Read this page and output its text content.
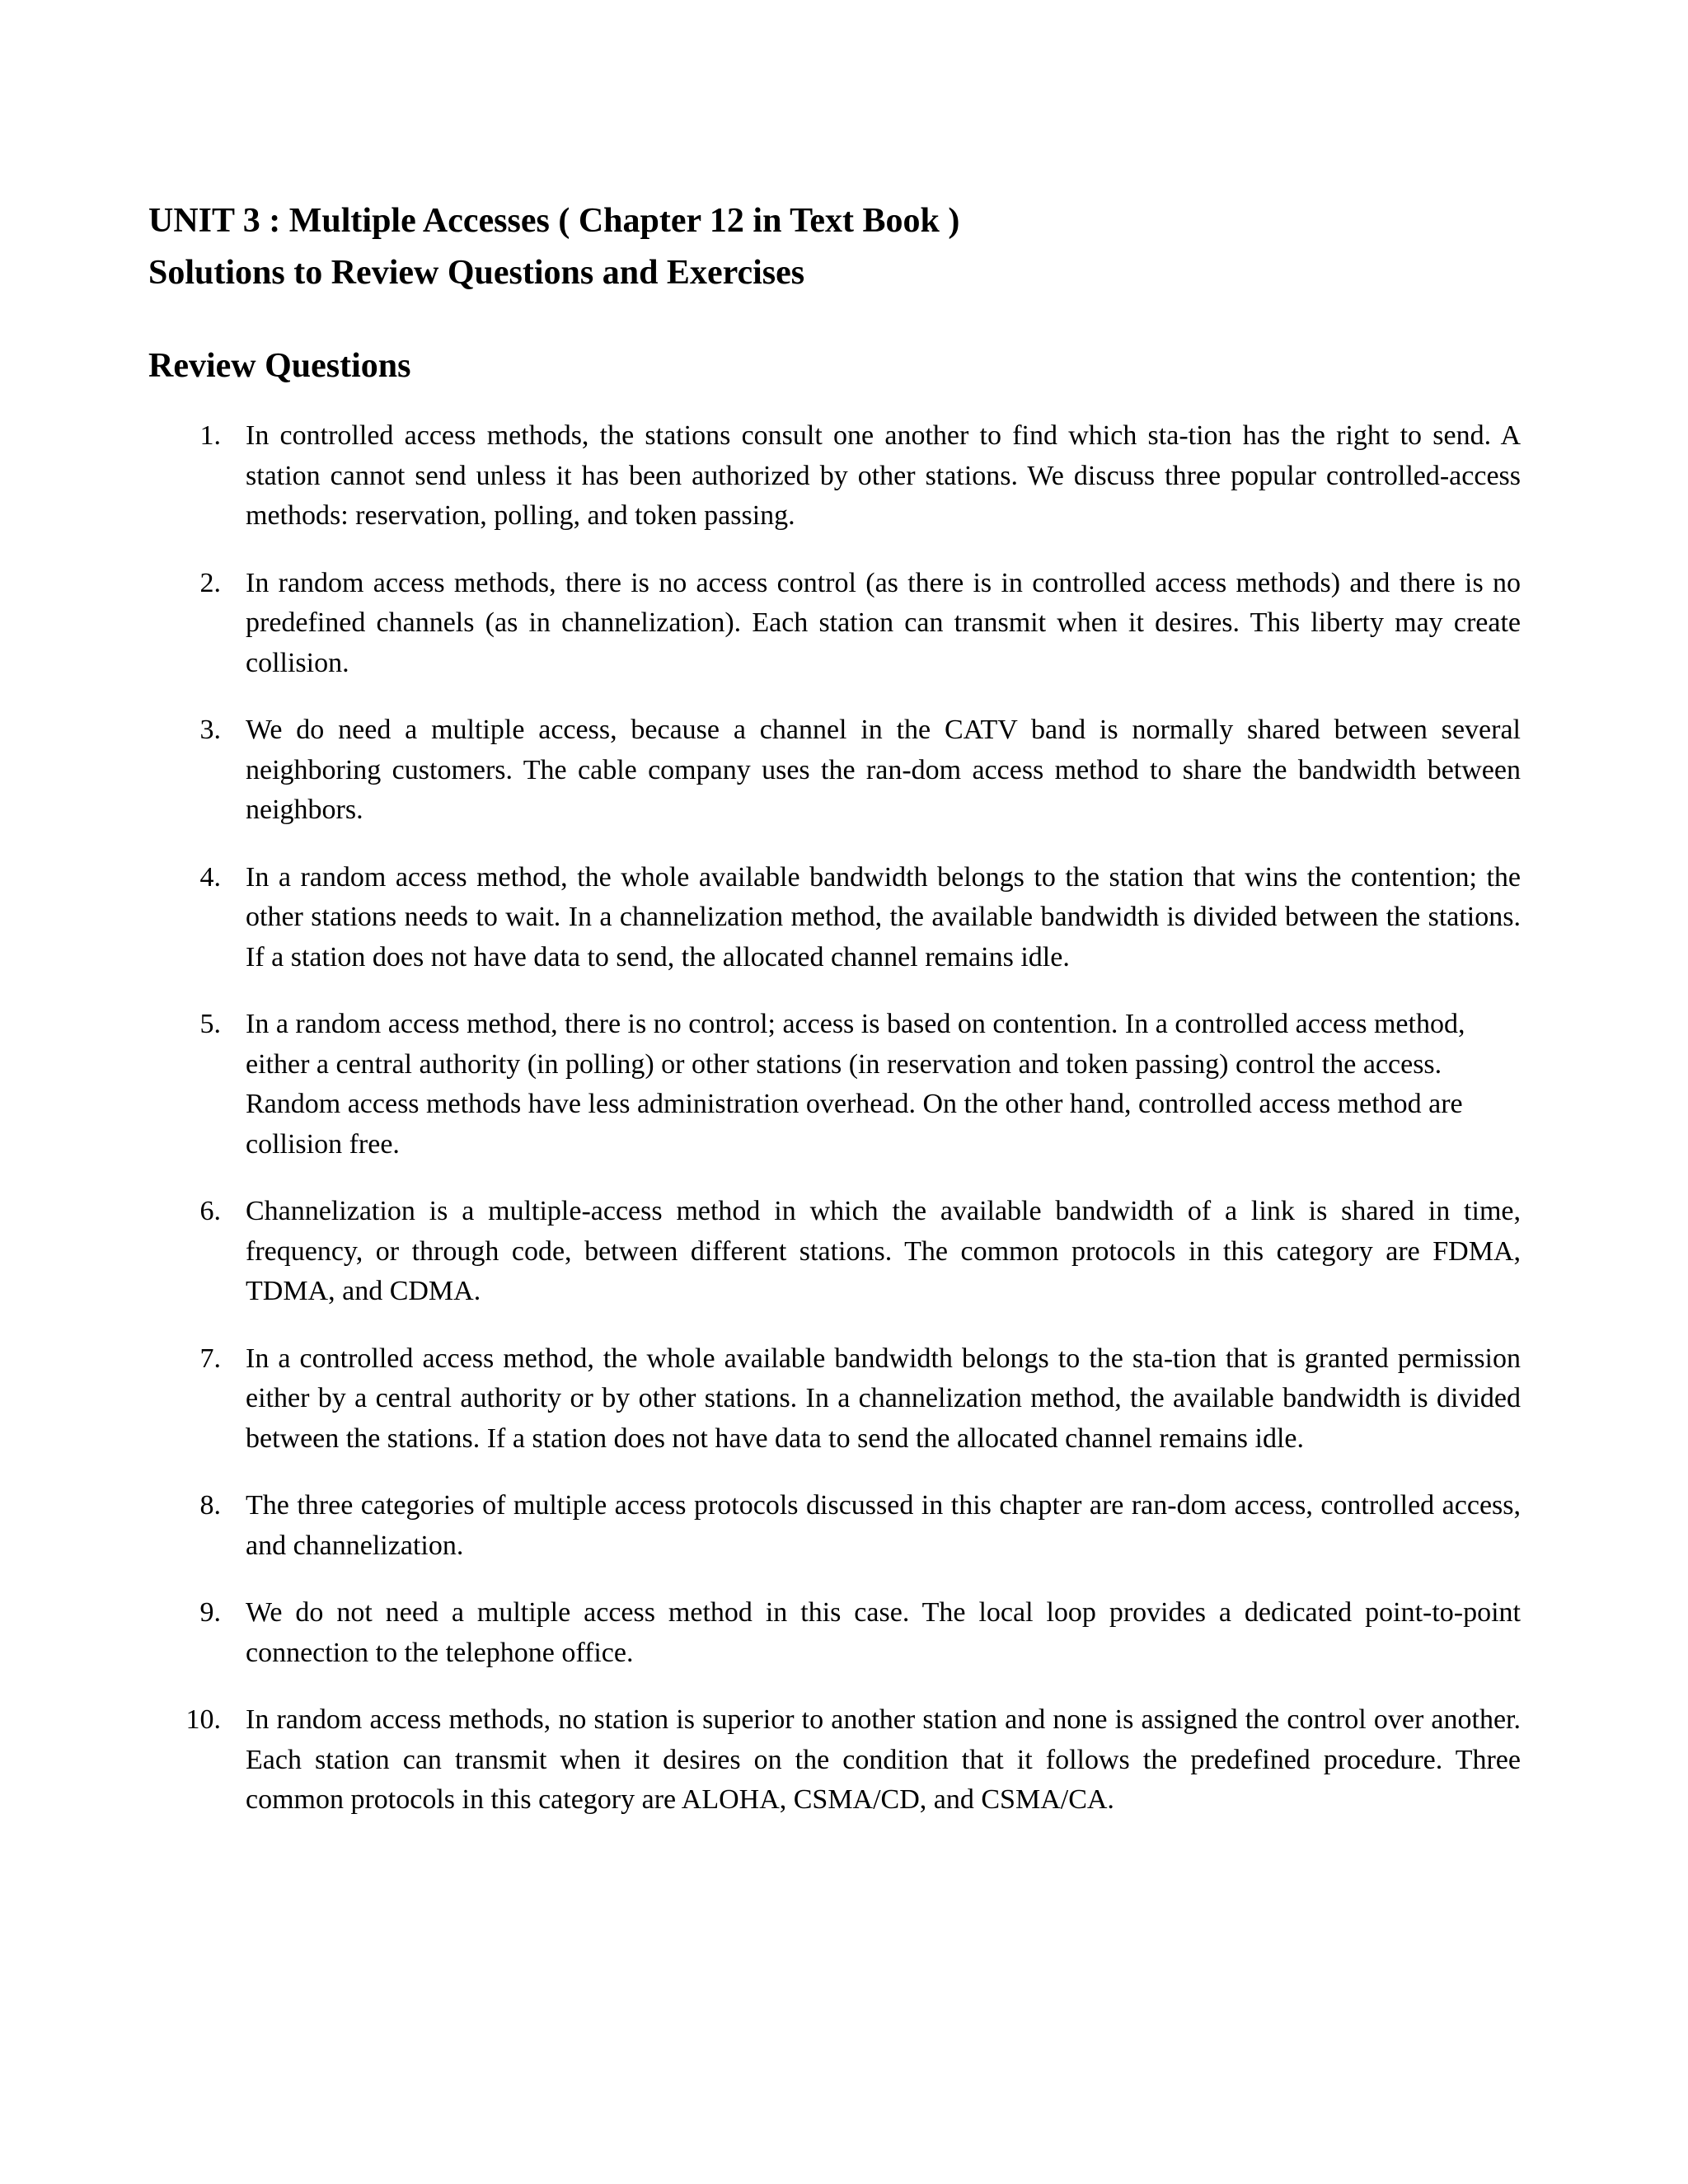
UNIT 3 : Multiple Accesses ( Chapter 12 in Text Book )
Solutions to Review Questions and Exercises
Review Questions
1. In controlled access methods, the stations consult one another to find which sta-tion has the right to send. A station cannot send unless it has been authorized by other stations. We discuss three popular controlled-access methods: reservation, polling, and token passing.
2. In random access methods, there is no access control (as there is in controlled access methods) and there is no predefined channels (as in channelization). Each station can transmit when it desires. This liberty may create collision.
3. We do need a multiple access, because a channel in the CATV band is normally shared between several neighboring customers. The cable company uses the ran-dom access method to share the bandwidth between neighbors.
4. In a random access method, the whole available bandwidth belongs to the station that wins the contention; the other stations needs to wait. In a channelization method, the available bandwidth is divided between the stations. If a station does not have data to send, the allocated channel remains idle.
5. In a random access method, there is no control; access is based on contention. In a controlled access method, either a central authority (in polling) or other stations (in reservation and token passing) control the access. Random access methods have less administration overhead. On the other hand, controlled access method are collision free.
6. Channelization is a multiple-access method in which the available bandwidth of a link is shared in time, frequency, or through code, between different stations. The common protocols in this category are FDMA, TDMA, and CDMA.
7. In a controlled access method, the whole available bandwidth belongs to the sta-tion that is granted permission either by a central authority or by other stations. In a channelization method, the available bandwidth is divided between the stations. If a station does not have data to send the allocated channel remains idle.
8. The three categories of multiple access protocols discussed in this chapter are ran-dom access, controlled access, and channelization.
9. We do not need a multiple access method in this case. The local loop provides a dedicated point-to-point connection to the telephone office.
10. In random access methods, no station is superior to another station and none is assigned the control over another. Each station can transmit when it desires on the condition that it follows the predefined procedure. Three common protocols in this category are ALOHA, CSMA/CD, and CSMA/CA.
